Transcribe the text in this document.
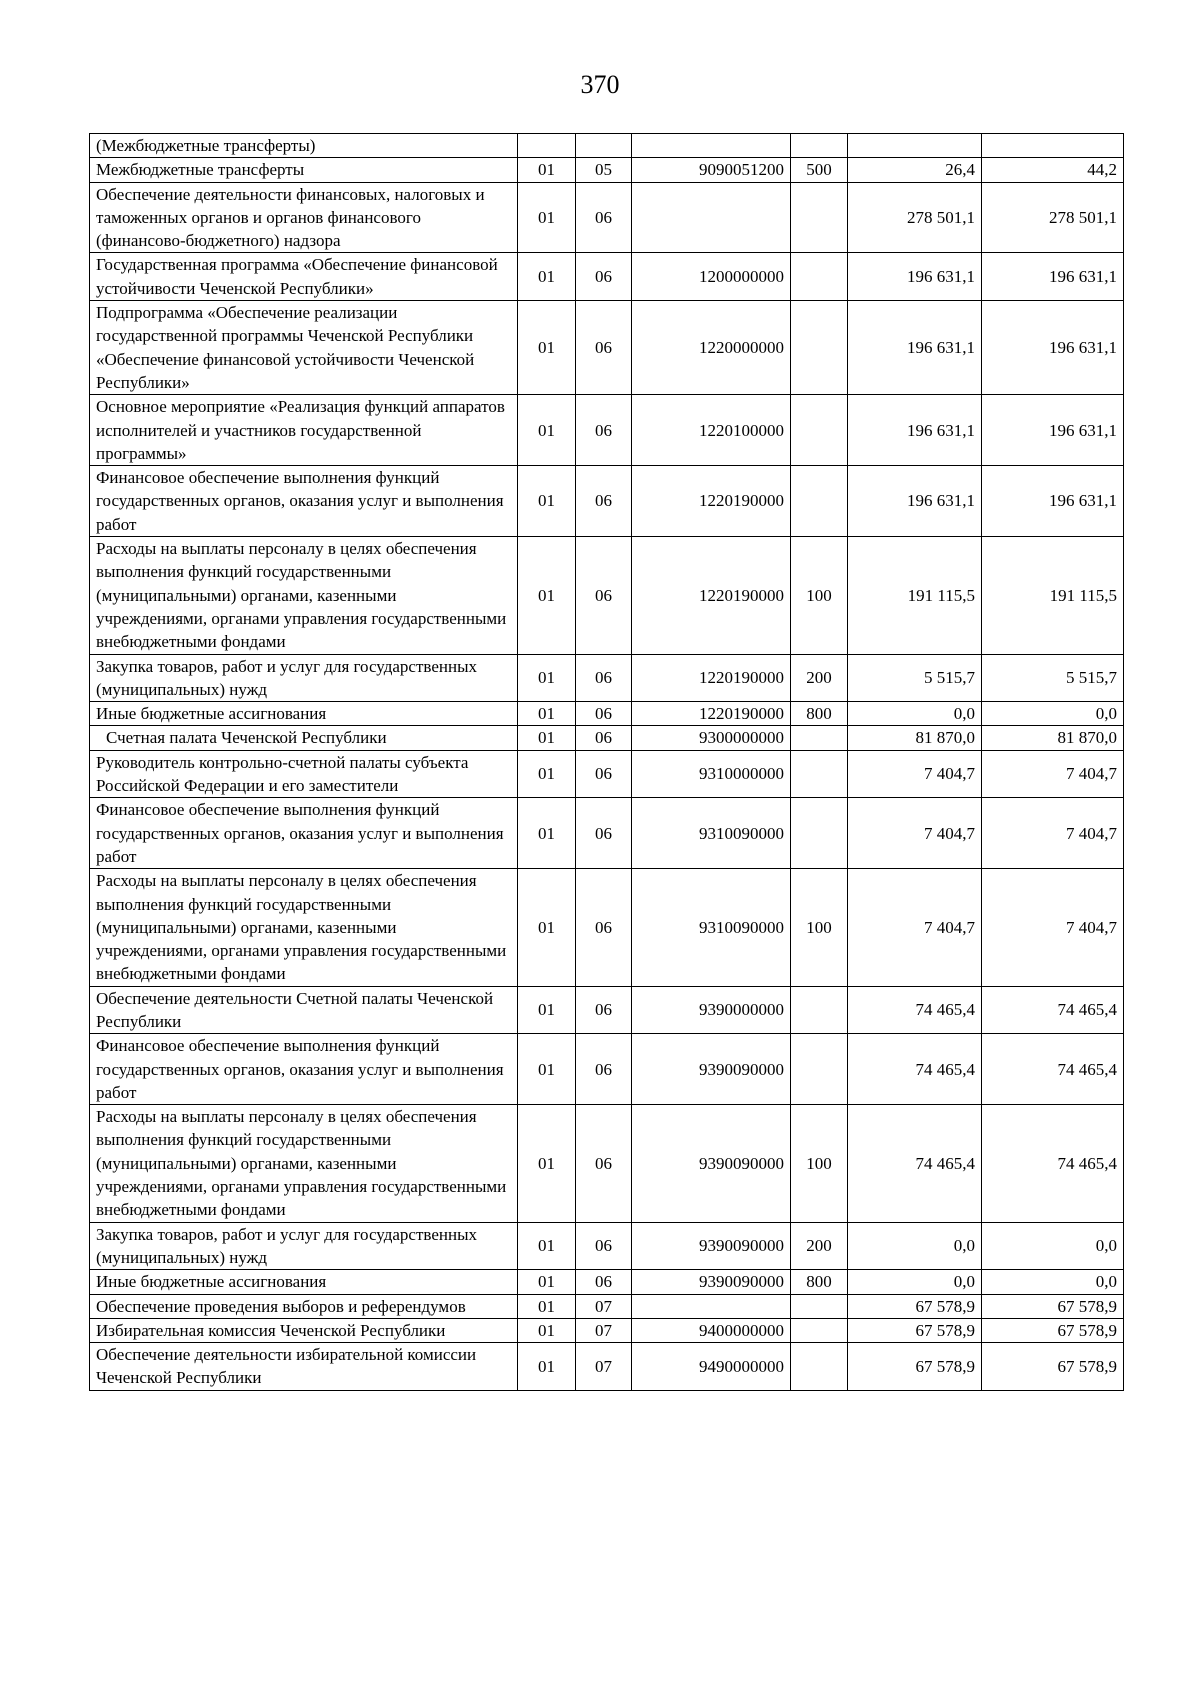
370
(Межбюджетные трансферты)						
Межбюджетные трансферты	01	05	9090051200	500	26,4	44,2
Обеспечение деятельности финансовых, налоговых и таможенных органов и органов финансового (финансово-бюджетного) надзора	01	06			278 501,1	278 501,1
Государственная программа «Обеспечение финансовой устойчивости Чеченской Республики»	01	06	1200000000		196 631,1	196 631,1
Подпрограмма «Обеспечение реализации государственной программы Чеченской Республики «Обеспечение финансовой устойчивости Чеченской Республики»	01	06	1220000000		196 631,1	196 631,1
Основное мероприятие «Реализация функций аппаратов исполнителей и участников государственной программы»	01	06	1220100000		196 631,1	196 631,1
Финансовое обеспечение выполнения функций государственных органов, оказания услуг и выполнения работ	01	06	1220190000		196 631,1	196 631,1
Расходы на выплаты персоналу в целях обеспечения выполнения функций государственными (муниципальными) органами, казенными учреждениями, органами управления государственными внебюджетными фондами	01	06	1220190000	100	191 115,5	191 115,5
Закупка товаров, работ и услуг для государственных (муниципальных) нужд	01	06	1220190000	200	5 515,7	5 515,7
Иные бюджетные ассигнования	01	06	1220190000	800	0,0	0,0
Счетная палата Чеченской Республики	01	06	9300000000		81 870,0	81 870,0
Руководитель контрольно-счетной палаты субъекта Российской Федерации и его заместители	01	06	9310000000		7 404,7	7 404,7
Финансовое обеспечение выполнения функций государственных органов, оказания услуг и выполнения работ	01	06	9310090000		7 404,7	7 404,7
Расходы на выплаты персоналу в целях обеспечения выполнения функций государственными (муниципальными) органами, казенными учреждениями, органами управления государственными внебюджетными фондами	01	06	9310090000	100	7 404,7	7 404,7
Обеспечение деятельности Счетной палаты Чеченской Республики	01	06	9390000000		74 465,4	74 465,4
Финансовое обеспечение выполнения функций государственных органов, оказания услуг и выполнения работ	01	06	9390090000		74 465,4	74 465,4
Расходы на выплаты персоналу в целях обеспечения выполнения функций государственными (муниципальными) органами, казенными учреждениями, органами управления государственными внебюджетными фондами	01	06	9390090000	100	74 465,4	74 465,4
Закупка товаров, работ и услуг для государственных (муниципальных) нужд	01	06	9390090000	200	0,0	0,0
Иные бюджетные ассигнования	01	06	9390090000	800	0,0	0,0
Обеспечение проведения выборов и референдумов	01	07			67 578,9	67 578,9
Избирательная комиссия Чеченской Республики	01	07	9400000000		67 578,9	67 578,9
Обеспечение деятельности избирательной комиссии Чеченской Республики	01	07	9490000000		67 578,9	67 578,9
